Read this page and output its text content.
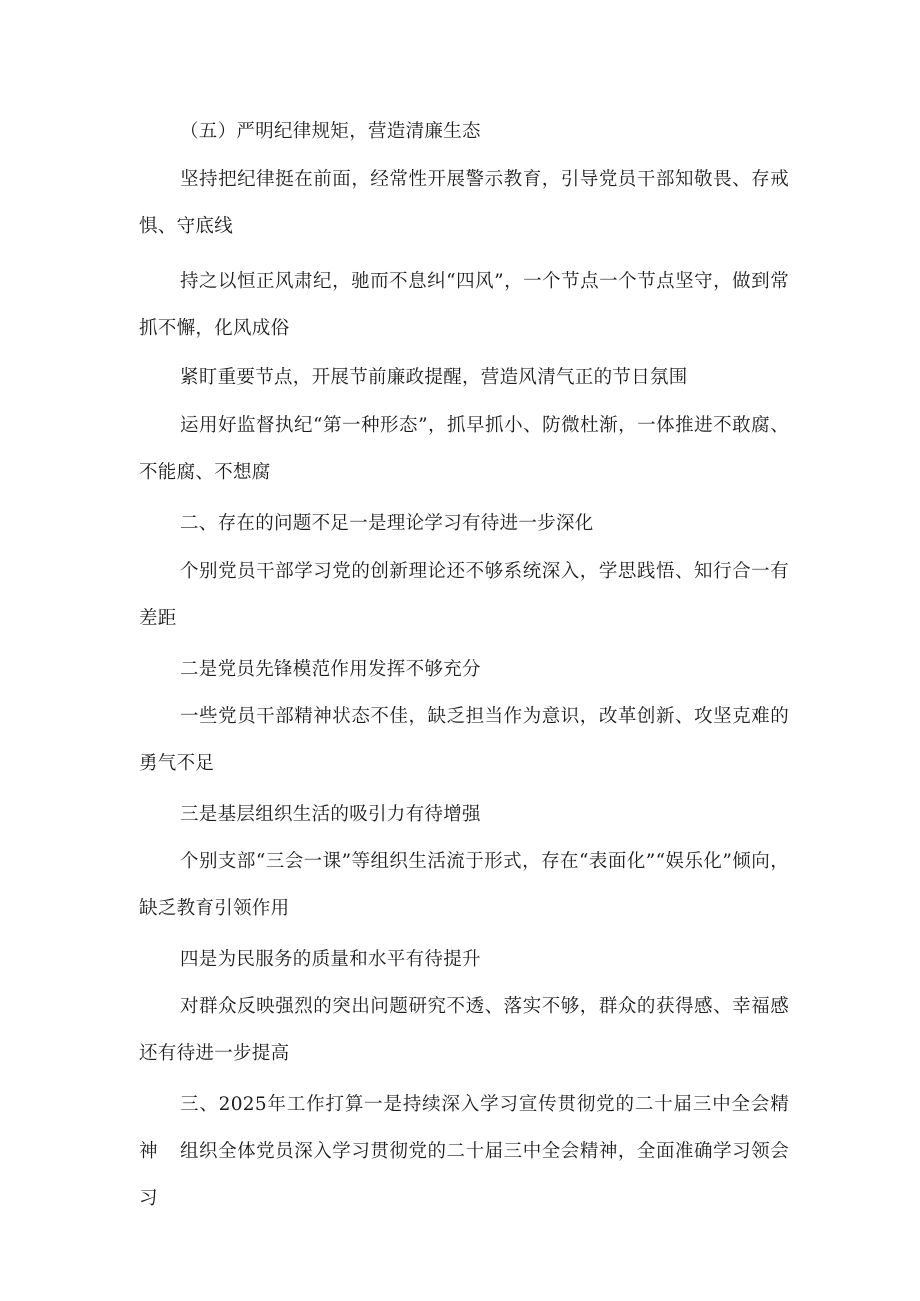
（五）严明纪律规矩，营造清廉生态

坚持把纪律挺在前面，经常性开展警示教育，引导党员干部知敬畏、存戒惧、守底线

持之以恒正风肃纪，驰而不息纠“四风”，一个节点一个节点坚守，做到常抓不懈，化风成俗

紧盯重要节点，开展节前廉政提醒，营造风清气正的节日氛围

运用好监督执纪“第一种形态”，抓早抓小、防微杜渐，一体推进不敢腐、不能腐、不想腐

二、存在的问题不足一是理论学习有待进一步深化

个别党员干部学习党的创新理论还不够系统深入，学思践悟、知行合一有差距

二是党员先锋模范作用发挥不够充分

一些党员干部精神状态不佳，缺乏担当作为意识，改革创新、攻坚克难的勇气不足

三是基层组织生活的吸引力有待增强

个别支部“三会一课”等组织生活流于形式，存在“表面化”“娱乐化”倾向，缺乏教育引领作用

四是为民服务的质量和水平有待提升

对群众反映强烈的突出问题研究不透、落实不够，群众的获得感、幸福感还有待进一步提高

三、2025年工作打算一是持续深入学习宣传贯彻党的二十届三中全会精神	组织全体党员深入学习贯彻党的二十届三中全会精神，全面准确学习领会习
